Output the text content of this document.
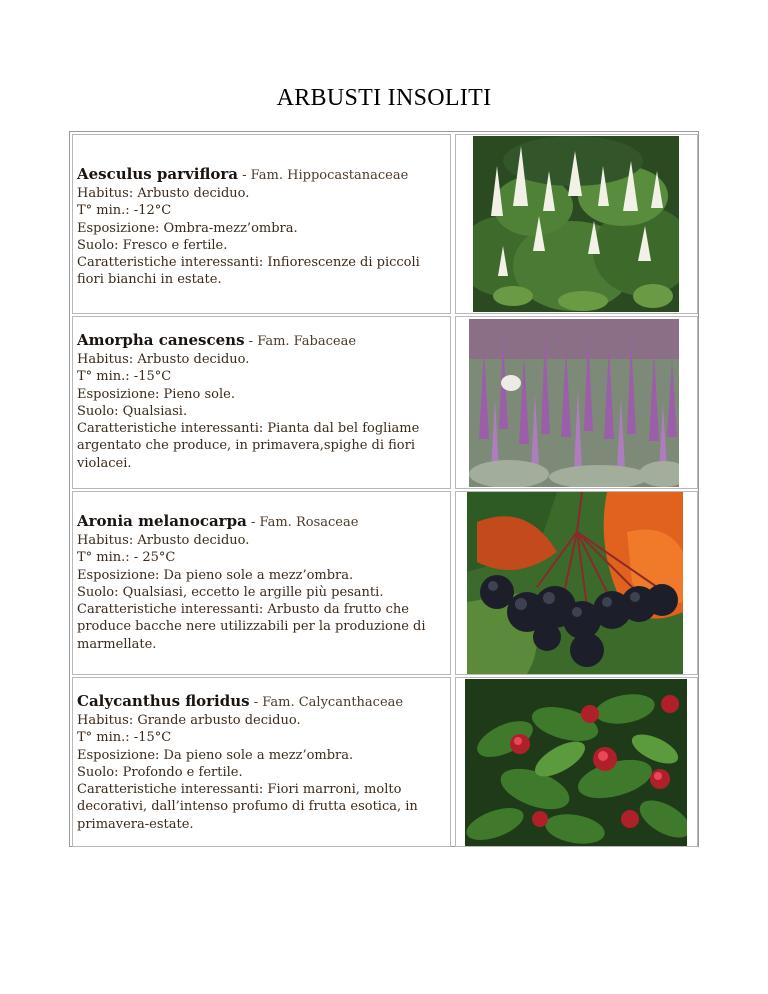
ARBUSTI INSOLITI
Aesculus parviflora - Fam. Hippocastanaceae
Habitus: Arbusto deciduo.
T° min.: -12°C
Esposizione: Ombra-mezz’ombra.
Suolo: Fresco e fertile.
Caratteristiche interessanti: Infiorescenze di piccoli
fiori bianchi in estate.
Amorpha canescens - Fam. Fabaceae
Habitus: Arbusto deciduo.
T° min.: -15°C
Esposizione: Pieno sole.
Suolo: Qualsiasi.
Caratteristiche interessanti: Pianta dal bel fogliame
argentato che produce, in primavera,spighe di fiori
violacei.
Aronia melanocarpa - Fam. Rosaceae
Habitus: Arbusto deciduo.
T° min.: - 25°C
Esposizione: Da pieno sole a mezz’ombra.
Suolo: Qualsiasi, eccetto le argille più pesanti.
Caratteristiche interessanti: Arbusto da frutto che
produce bacche nere utilizzabili per la produzione di
marmellate.
Calycanthus floridus - Fam. Calycanthaceae
Habitus: Grande arbusto deciduo.
T° min.: -15°C
Esposizione: Da pieno sole a mezz’ombra.
Suolo: Profondo e fertile.
Caratteristiche interessanti: Fiori marroni, molto
decorativi, dall’intenso profumo di frutta esotica, in
primavera-estate.
